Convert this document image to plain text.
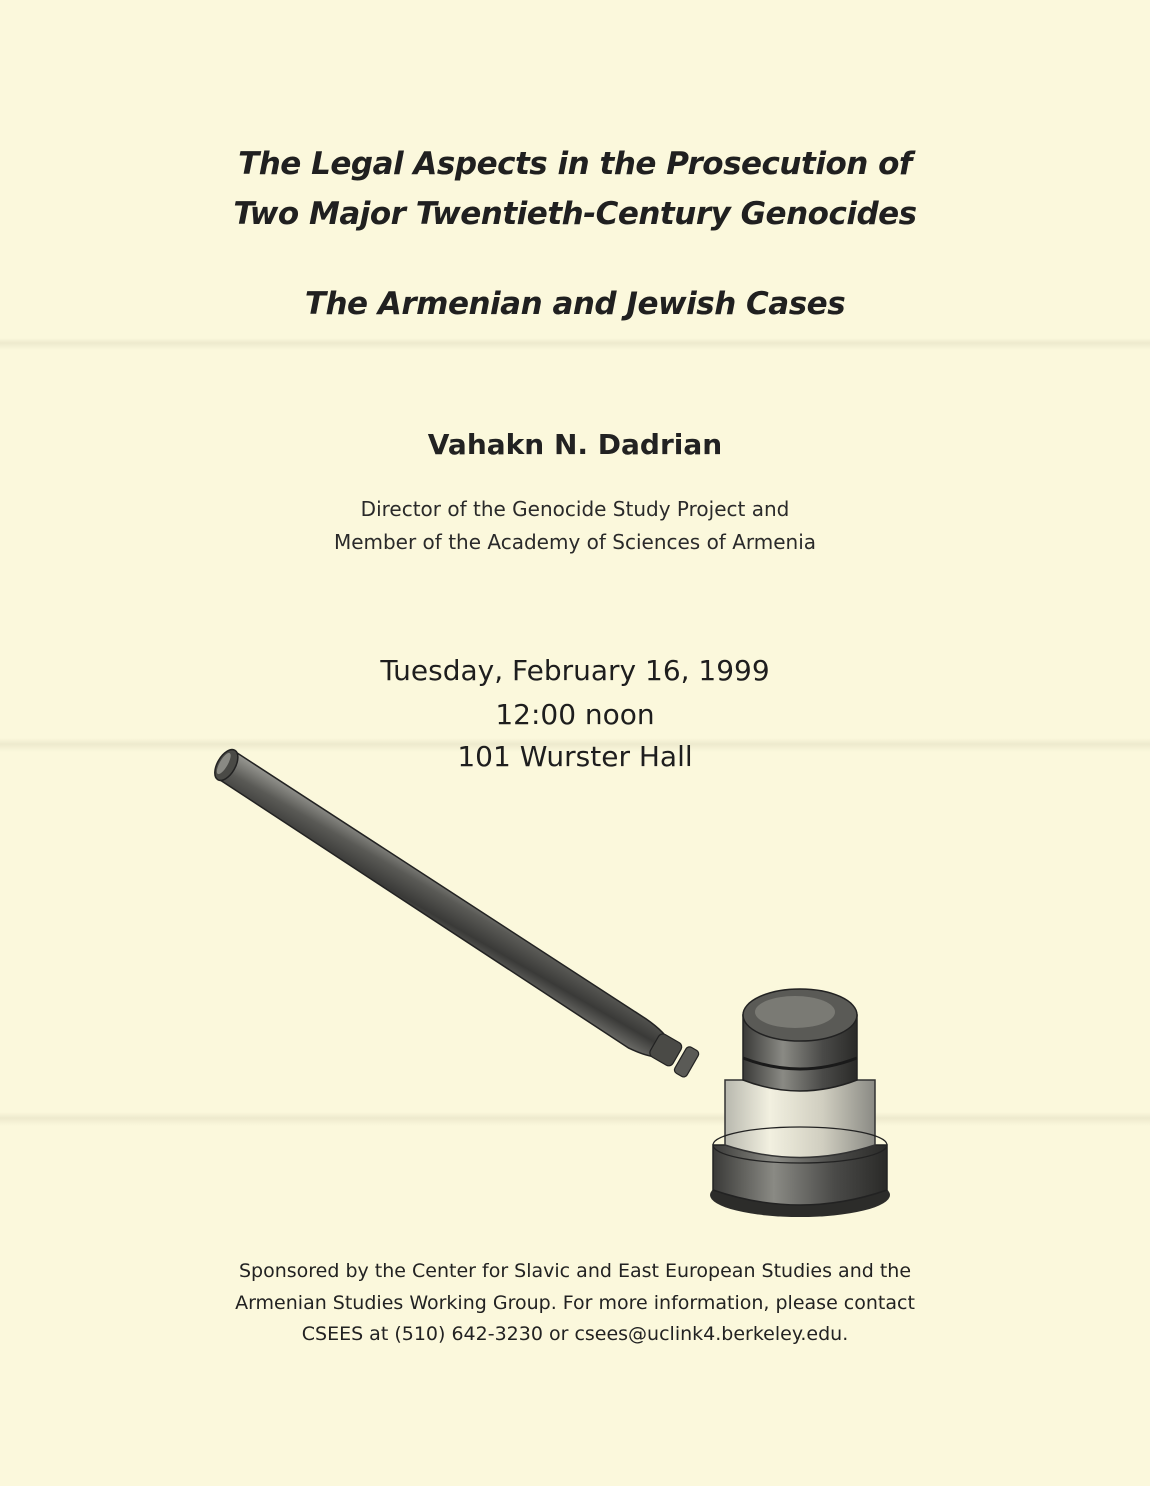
The Legal Aspects in the Prosecution of
Two Major Twentieth-Century Genocides
The Armenian and Jewish Cases
Vahakn N. Dadrian
Director of the Genocide Study Project and
Member of the Academy of Sciences of Armenia
Tuesday, February 16, 1999
12:00 noon
101 Wurster Hall
Sponsored by the Center for Slavic and East European Studies and the
Armenian Studies Working Group. For more information, please contact
CSEES at (510) 642-3230 or csees@uclink4.berkeley.edu.
